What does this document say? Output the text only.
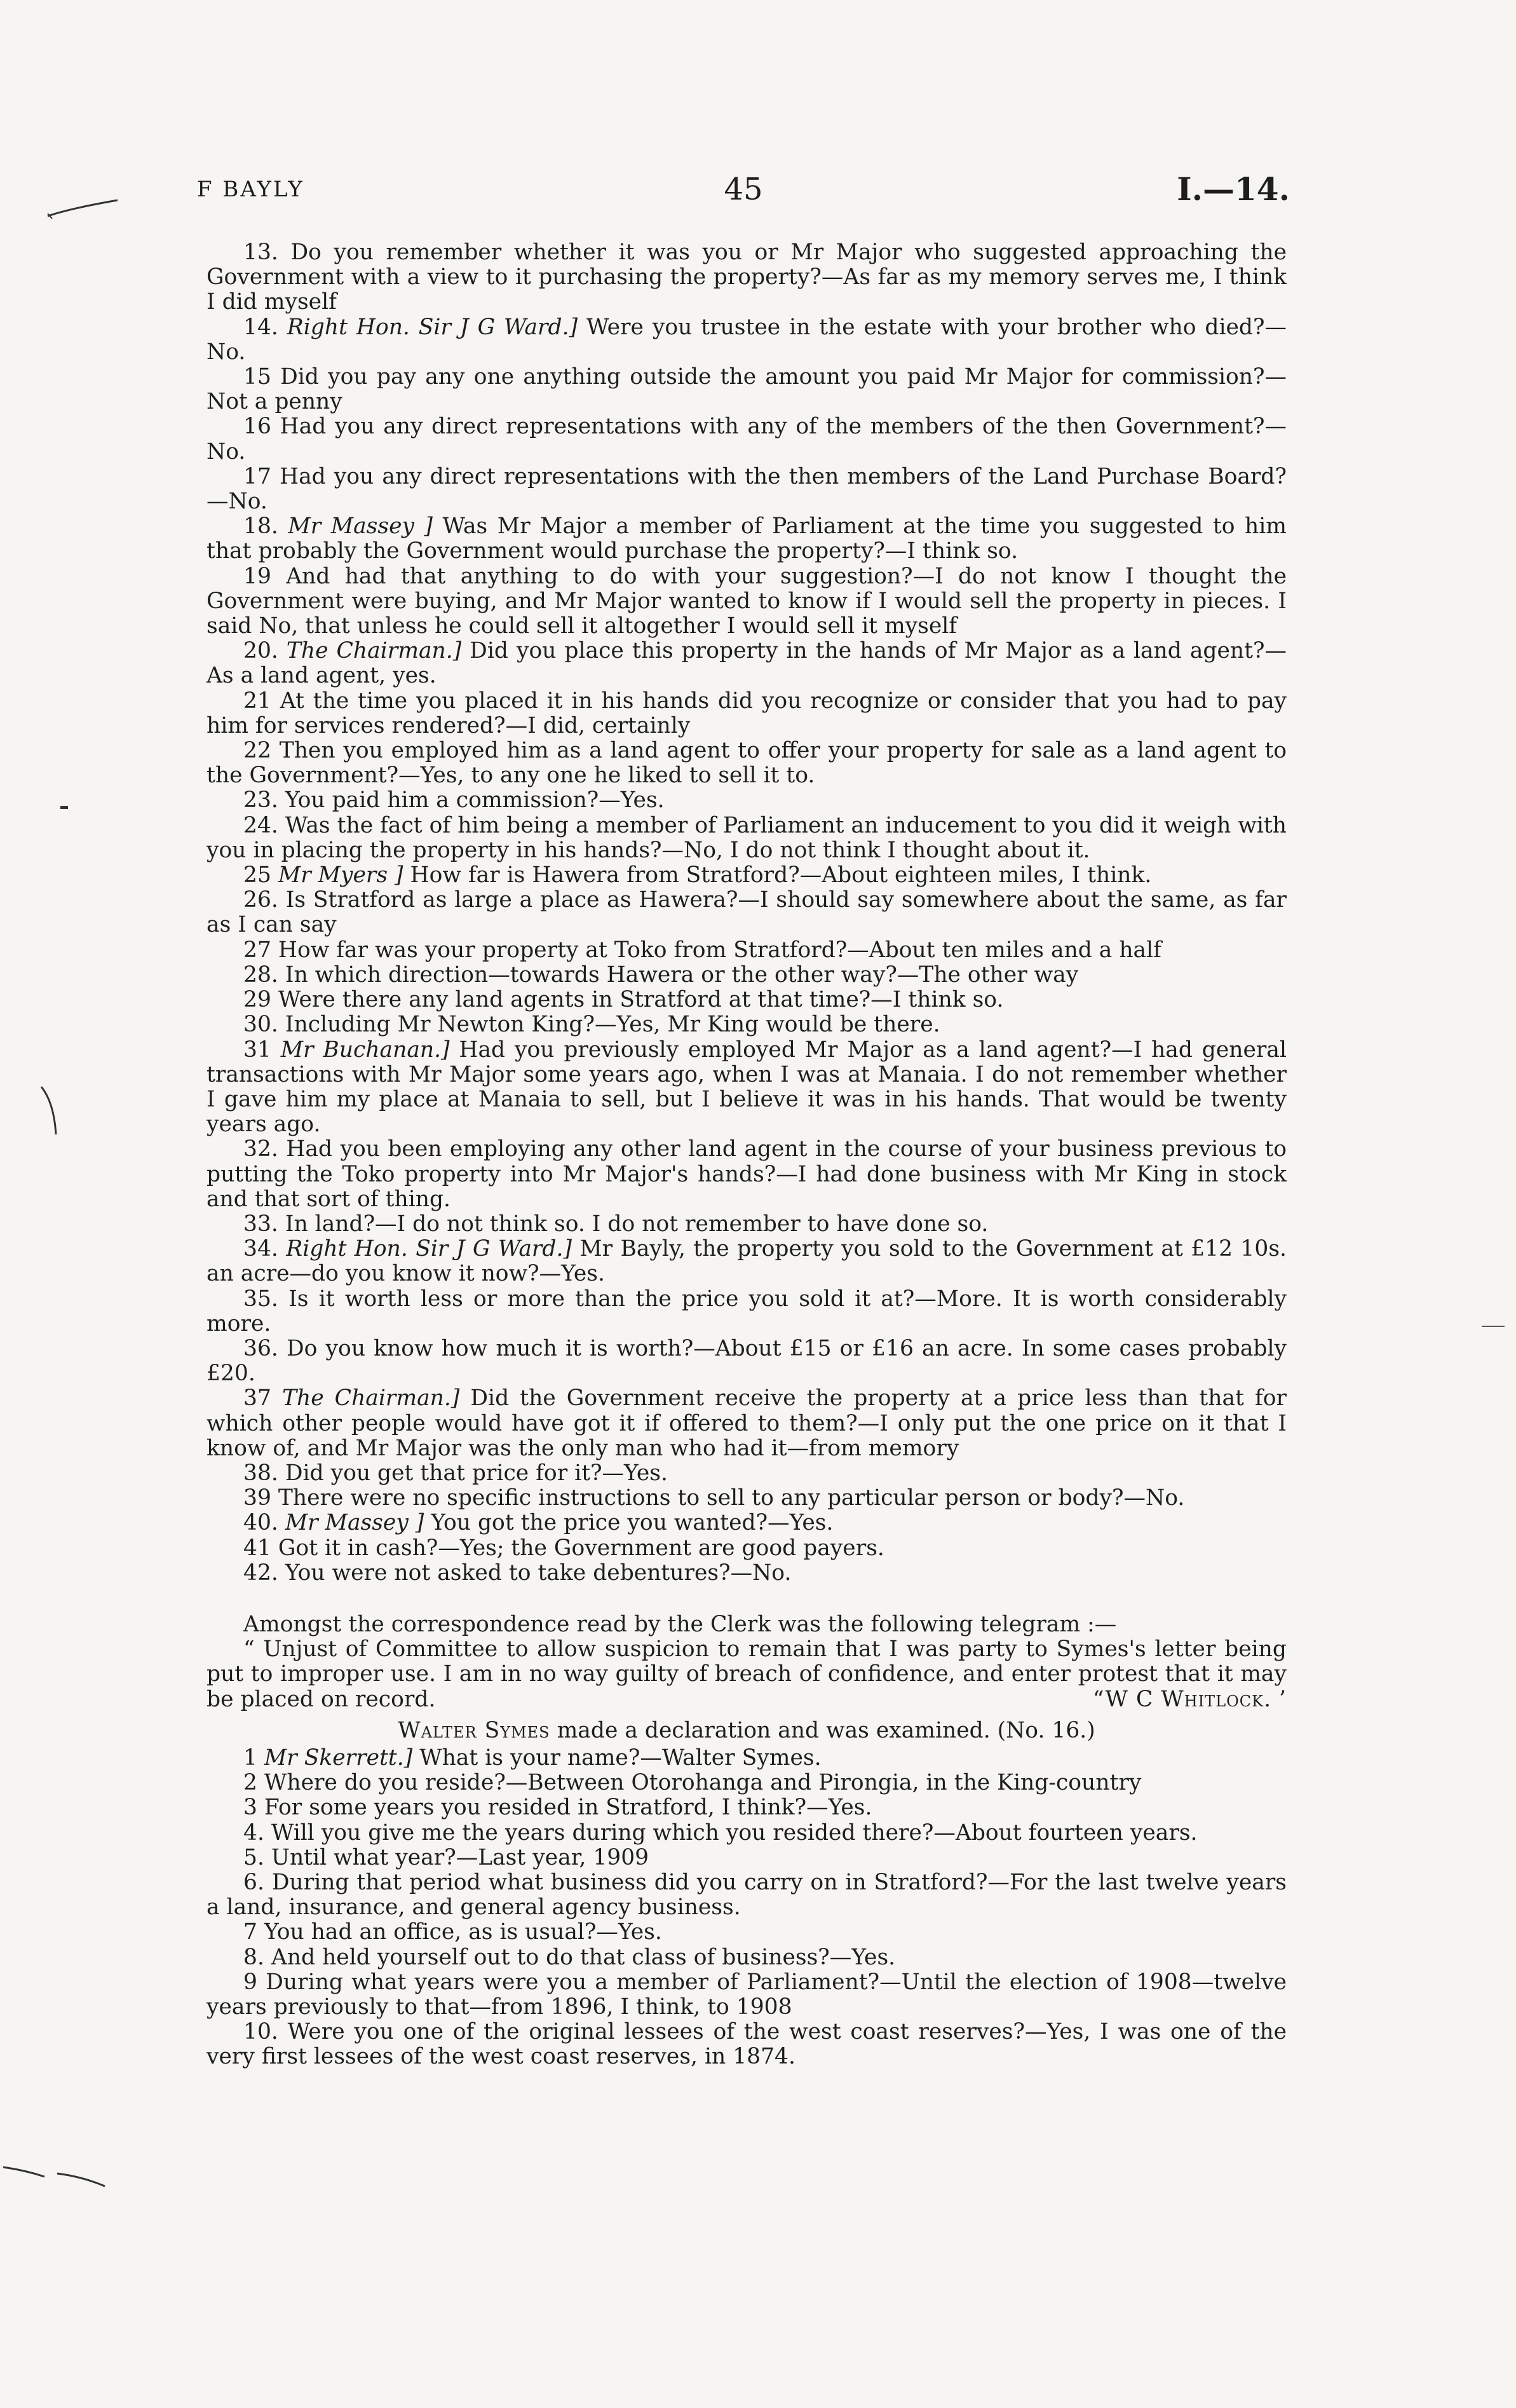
F BAYLY	45	I.—14.

13. Do you remember whether it was you or Mr Major who suggested approaching the Government with a view to it purchasing the property?—As far as my memory serves me, I think I did myself

14. Right Hon. Sir J G Ward.] Were you trustee in the estate with your brother who died?—No.

15 Did you pay any one anything outside the amount you paid Mr Major for commission?—Not a penny

16 Had you any direct representations with any of the members of the then Government?—No.

17 Had you any direct representations with the then members of the Land Purchase Board?—No.

18. Mr Massey ] Was Mr Major a member of Parliament at the time you suggested to him that probably the Government would purchase the property?—I think so.

19 And had that anything to do with your suggestion?—I do not know I thought the Government were buying, and Mr Major wanted to know if I would sell the property in pieces. I said No, that unless he could sell it altogether I would sell it myself

20. The Chairman.] Did you place this property in the hands of Mr Major as a land agent?—As a land agent, yes.

21 At the time you placed it in his hands did you recognize or consider that you had to pay him for services rendered?—I did, certainly

22 Then you employed him as a land agent to offer your property for sale as a land agent to the Government?—Yes, to any one he liked to sell it to.

23. You paid him a commission?—Yes.

24. Was the fact of him being a member of Parliament an inducement to you did it weigh with you in placing the property in his hands?—No, I do not think I thought about it.

25 Mr Myers ] How far is Hawera from Stratford?—About eighteen miles, I think.

26. Is Stratford as large a place as Hawera?—I should say somewhere about the same, as far as I can say

27 How far was your property at Toko from Stratford?—About ten miles and a half

28. In which direction—towards Hawera or the other way?—The other way

29 Were there any land agents in Stratford at that time?—I think so.

30. Including Mr Newton King?—Yes, Mr King would be there.

31 Mr Buchanan.] Had you previously employed Mr Major as a land agent?—I had general transactions with Mr Major some years ago, when I was at Manaia. I do not remember whether I gave him my place at Manaia to sell, but I believe it was in his hands. That would be twenty years ago.

32. Had you been employing any other land agent in the course of your business previous to putting the Toko property into Mr Major's hands?—I had done business with Mr King in stock and that sort of thing.

33. In land?—I do not think so. I do not remember to have done so.

34. Right Hon. Sir J G Ward.] Mr Bayly, the property you sold to the Government at £12 10s. an acre—do you know it now?—Yes.

35. Is it worth less or more than the price you sold it at?—More. It is worth considerably more.

36. Do you know how much it is worth?—About £15 or £16 an acre. In some cases probably £20.

37 The Chairman.] Did the Government receive the property at a price less than that for which other people would have got it if offered to them?—I only put the one price on it that I know of, and Mr Major was the only man who had it—from memory

38. Did you get that price for it?—Yes.

39 There were no specific instructions to sell to any particular person or body?—No.

40. Mr Massey ] You got the price you wanted?—Yes.

41 Got it in cash?—Yes; the Government are good payers.

42. You were not asked to take debentures?—No.

Amongst the correspondence read by the Clerk was the following telegram :—

“ Unjust of Committee to allow suspicion to remain that I was party to Symes's letter being put to improper use. I am in no way guilty of breach of confidence, and enter protest that it may be placed on record.	“W C Whitlock. ’

Walter Symes made a declaration and was examined. (No. 16.)

1 Mr Skerrett.] What is your name?—Walter Symes.

2 Where do you reside?—Between Otorohanga and Pirongia, in the King-country

3 For some years you resided in Stratford, I think?—Yes.

4. Will you give me the years during which you resided there?—About fourteen years.

5. Until what year?—Last year, 1909

6. During that period what business did you carry on in Stratford?—For the last twelve years a land, insurance, and general agency business.

7 You had an office, as is usual?—Yes.

8. And held yourself out to do that class of business?—Yes.

9 During what years were you a member of Parliament?—Until the election of 1908—twelve years previously to that—from 1896, I think, to 1908

10. Were you one of the original lessees of the west coast reserves?—Yes, I was one of the very first lessees of the west coast reserves, in 1874.
